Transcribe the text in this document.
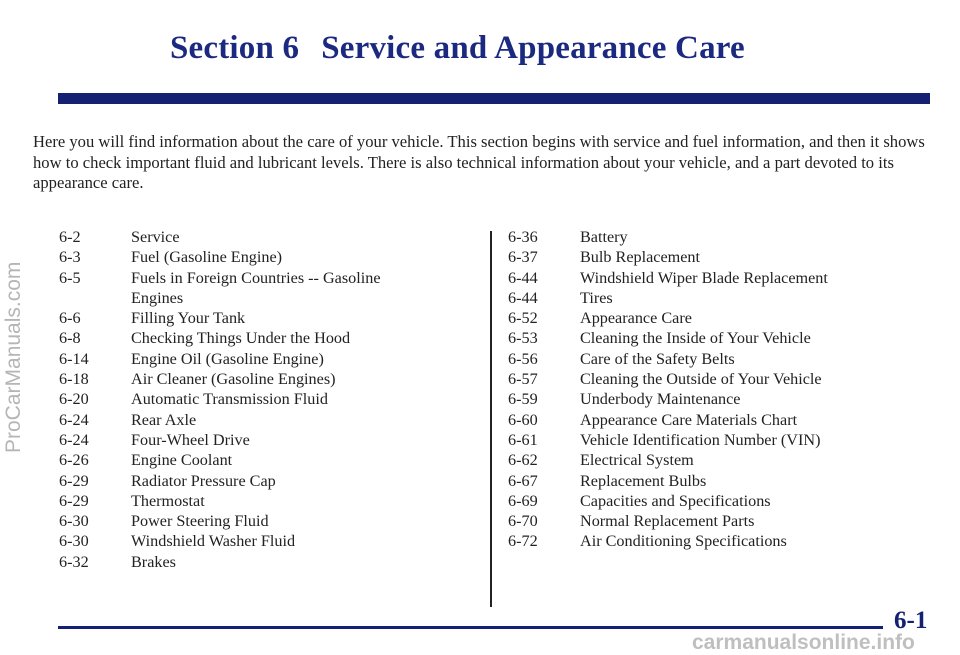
Section 6 Service and Appearance Care

Here you will find information about the care of your vehicle. This section begins with service and fuel information, and then it shows how to check important fluid and lubricant levels. There is also technical information about your vehicle, and a part devoted to its appearance care.

6-2	Service
6-3	Fuel (Gasoline Engine)
6-5	Fuels in Foreign Countries -- Gasoline Engines
6-6	Filling Your Tank
6-8	Checking Things Under the Hood
6-14	Engine Oil (Gasoline Engine)
6-18	Air Cleaner (Gasoline Engines)
6-20	Automatic Transmission Fluid
6-24	Rear Axle
6-24	Four-Wheel Drive
6-26	Engine Coolant
6-29	Radiator Pressure Cap
6-29	Thermostat
6-30	Power Steering Fluid
6-30	Windshield Washer Fluid
6-32	Brakes
6-36	Battery
6-37	Bulb Replacement
6-44	Windshield Wiper Blade Replacement
6-44	Tires
6-52	Appearance Care
6-53	Cleaning the Inside of Your Vehicle
6-56	Care of the Safety Belts
6-57	Cleaning the Outside of Your Vehicle
6-59	Underbody Maintenance
6-60	Appearance Care Materials Chart
6-61	Vehicle Identification Number (VIN)
6-62	Electrical System
6-67	Replacement Bulbs
6-69	Capacities and Specifications
6-70	Normal Replacement Parts
6-72	Air Conditioning Specifications
6-1
ProCarManuals.com
carmanualsonline.info
